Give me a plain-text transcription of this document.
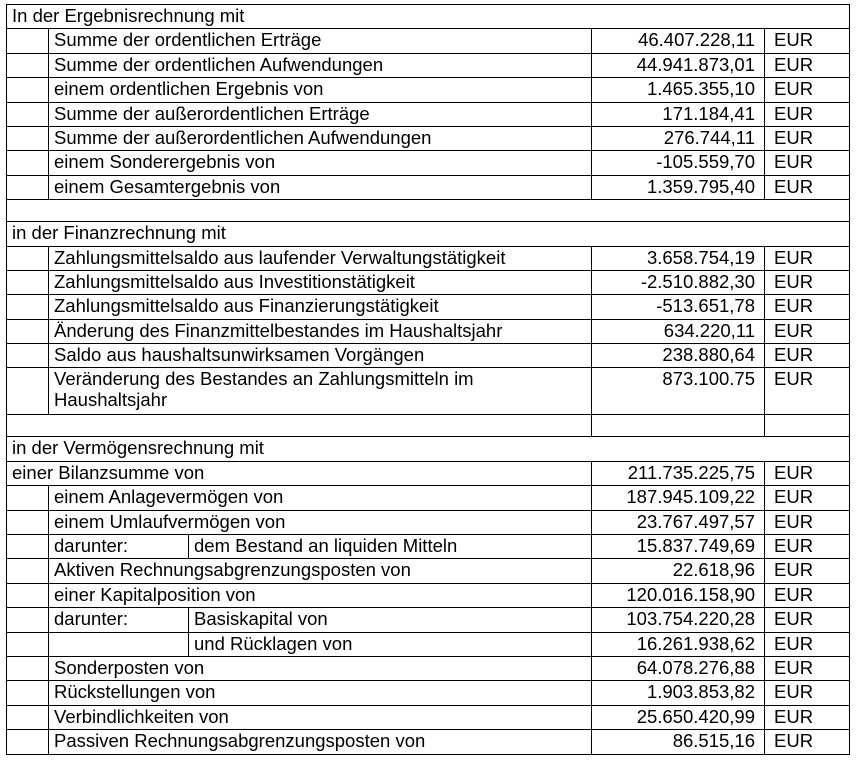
In der Ergebnisrechnung mit				
	Summe der ordentlichen Erträge		46.407.228,11	EUR
	Summe der ordentlichen Aufwendungen		44.941.873,01	EUR
	einem ordentlichen Ergebnis von		1.465.355,10	EUR
	Summe der außerordentlichen Erträge		171.184,41	EUR
	Summe der außerordentlichen Aufwendungen		276.744,11	EUR
	einem Sonderergebnis von		-105.559,70	EUR
	einem Gesamtergebnis von		1.359.795,40	EUR

in der Finanzrechnung mit				
	Zahlungsmittelsaldo aus laufender Verwaltungstätigkeit		3.658.754,19	EUR
	Zahlungsmittelsaldo aus Investitionstätigkeit		-2.510.882,30	EUR
	Zahlungsmittelsaldo aus Finanzierungstätigkeit		-513.651,78	EUR
	Änderung des Finanzmittelbestandes im Haushaltsjahr		634.220,11	EUR
	Saldo aus haushaltsunwirksamen Vorgängen		238.880,64	EUR
	Veränderung des Bestandes an Zahlungsmitteln im Haushaltsjahr		873.100.75	EUR

in der Vermögensrechnung mit				
einer Bilanzsumme von			211.735.225,75	EUR
	einem Anlagevermögen von		187.945.109,22	EUR
	einem Umlaufvermögen von		23.767.497,57	EUR
	darunter:	dem Bestand an liquiden Mitteln	15.837.749,69	EUR
	Aktiven Rechnungsabgrenzungsposten von		22.618,96	EUR
	einer Kapitalposition von		120.016.158,90	EUR
	darunter:	Basiskapital von	103.754.220,28	EUR
		und Rücklagen von	16.261.938,62	EUR
	Sonderposten von		64.078.276,88	EUR
	Rückstellungen von		1.903.853,82	EUR
	Verbindlichkeiten von		25.650.420,99	EUR
	Passiven Rechnungsabgrenzungsposten von		86.515,16	EUR
